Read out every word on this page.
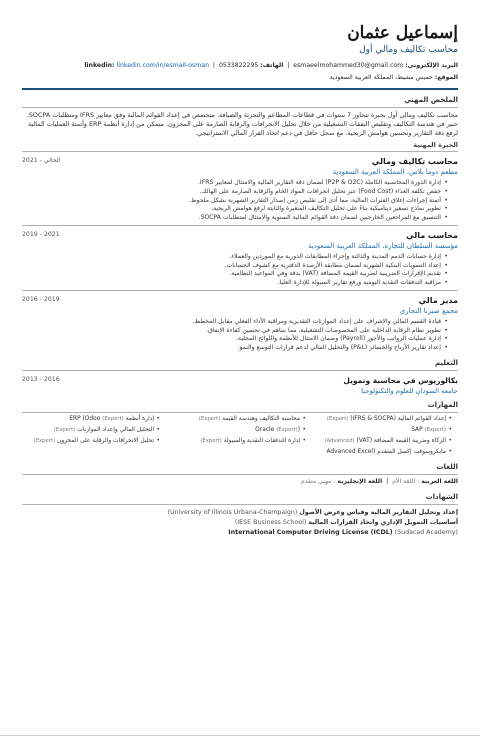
إسماعيل عثمان
محاسب تكاليف ومالي أول
البريد الإلكتروني: esmaeelmohammed30@gmail.com  |  الهاتف: 0533822295  |  linkedin: linkedin.com/in/esmail-osman
الموقع: خميس مشيط، المملكة العربية السعودية
الملخص المهني
محاسب تكاليف ومالي أول بخبرة تتجاوز 7 سنوات في قطاعات المطاعم والتجزئة والضيافة. متخصص في إعداد القوائم المالية وفق معايير IFRS ومتطلبات SOCPA. خبير في هندسة التكاليف وتقليص النفقات التشغيلية من خلال تحليل الانحرافات والرقابة الصارمة على المخزون. متمكن من إدارة أنظمة ERP وأتمتة العمليات المالية لرفع دقة التقارير وتحسين هوامش الربحية. مع سجل حافل في دعم اتخاذ القرار المالي الاستراتيجي.
الخبرة المهنية
محاسب تكاليف ومالي
2021 - الحالي
مطعم دوما بلاس، المملكة العربية السعودية
• إدارة الدورة المحاسبية الكاملة (P2P & O2C) لضمان دقة التقارير المالية والامتثال لمعايير IFRS.
• خفض تكلفة الغذاء (Food Cost) عبر تحليل انحرافات المواد الخام والرقابة الصارمة على الهالك.
• أتمتة إجراءات إغلاق الفترات المالية، مما أدى إلى تقليص زمن إصدار التقارير الشهرية بشكل ملحوظ.
• تطوير نماذج تسعير ديناميكية بناءً على تحليل التكاليف المتغيرة والثابتة لرفع هوامش الربحية.
• التنسيق مع المراجعين الخارجيين لضمان دقة القوائم المالية السنوية والامتثال لمتطلبات SOCPA.
محاسب مالي
2019 - 2021
مؤسسة السلطان للتجارة، المملكة العربية السعودية
• إدارة حسابات الذمم المدينة والدائنة وإجراء المطابقات الدورية مع الموردين والعملاء.
• إعداد التسويات البنكية الشهرية لضمان مطابقة الأرصدة الدفترية مع كشوف الحسابات.
• تقديم الإقرارات الضريبية لضريبة القيمة المضافة (VAT) بدقة وفي المواعيد النظامية.
• مراقبة التدفقات النقدية اليومية ورفع تقارير السيولة للإدارة العليا.
مدير مالي
2016 - 2019
مجمع صبرنا التجاري
• قيادة القسم المالي والإشراف على إعداد الموازنات التقديرية ومراقبة الأداء الفعلي مقابل المخطط.
• تطوير نظام الرقابة الداخلية على المخصوصات التشغيلية، مما ساهم في تحسين كفاءة الإنفاق.
• إدارة عمليات الرواتب والأجور (Payroll) وضمان الامتثال للأنظمة واللوائح المحلية.
• إعداد تقارير الأرباح والخسائر (P&L) والتحليل المالي لدعم قرارات التوسع والنمو.
التعليم
بكالوريوس في محاسبة وتمويل
2013 - 2016
جامعة السودان للعلوم والتكنولوجيا
المهارات
• إعداد القوائم المالية (IFRS & SOCPA) (Expert)
• محاسبة التكاليف وهندسة القيمة (Expert)
• إدارة أنظمة ERP (Odoo (Expert)
• SAP (Expert)
• (Oracle (Expert)
• التحليل المالي وإعداد الموازنات (Expert)
• الزكاة وضريبة القيمة المضافة (VAT) (Advanced)
• إدارة التدفقات النقدية والسيولة (Expert)
• تحليل الانحرافات والرقابة على المخزون (Expert)
• مايكروسوفت إكسل المتقدم (Advanced Excel
اللغات
اللغة العربية : اللغة الأم  |  اللغة الإنجليزية : مهني متقدم
الشهادات
إعداد وتحليل التقارير المالية وقياس وعرض الأصول (University of Illinois Urbana-Champaign)
أساسيات التمويل الإداري واتخاذ القرارات المالية (IESE Business School)
International Computer Driving License (ICDL) (Sudacad Academy)
